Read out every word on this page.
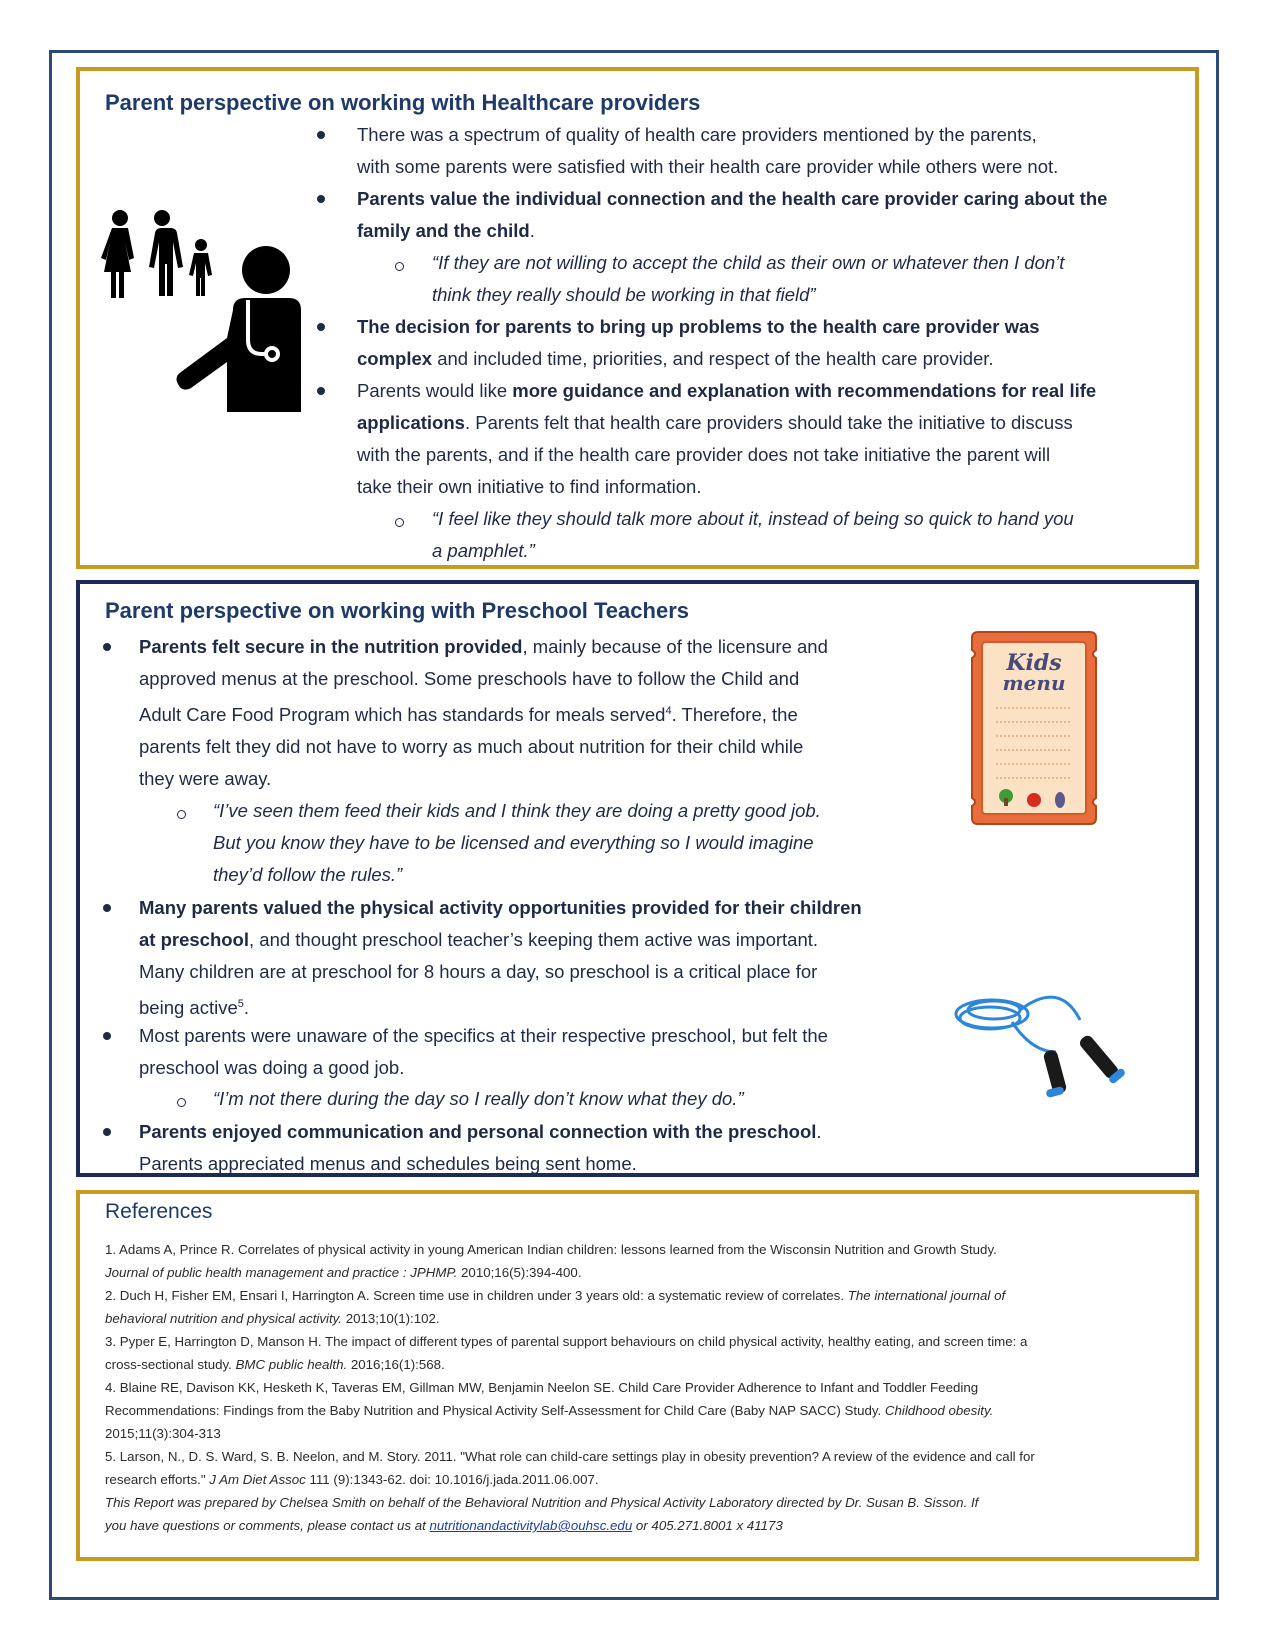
Parent perspective on working with Healthcare providers
There was a spectrum of quality of health care providers mentioned by the parents,
with some parents were satisfied with their health care provider while others were not.
Parents value the individual connection and the health care provider caring about the
family and the child.
“If they are not willing to accept the child as their own or whatever then I don’t
think they really should be working in that field”
The decision for parents to bring up problems to the health care provider was
complex and included time, priorities, and respect of the health care provider.
Parents would like more guidance and explanation with recommendations for real life
applications. Parents felt that health care providers should take the initiative to discuss
with the parents, and if the health care provider does not take initiative the parent will
take their own initiative to find information.
“I feel like they should talk more about it, instead of being so quick to hand you
a pamphlet.”
Parent perspective on working with Preschool Teachers
Kids
menu
Parents felt secure in the nutrition provided, mainly because of the licensure and
approved menus at the preschool. Some preschools have to follow the Child and
Adult Care Food Program which has standards for meals served$^4$. Therefore, the
parents felt they did not have to worry as much about nutrition for their child while
they were away.
“I’ve seen them feed their kids and I think they are doing a pretty good job.
But you know they have to be licensed and everything so I would imagine
they’d follow the rules.”
Many parents valued the physical activity opportunities provided for their children
at preschool, and thought preschool teacher’s keeping them active was important.
Many children are at preschool for 8 hours a day, so preschool is a critical place for
being active$^5$.
Most parents were unaware of the specifics at their respective preschool, but felt the
preschool was doing a good job.
“I’m not there during the day so I really don’t know what they do.”
Parents enjoyed communication and personal connection with the preschool.
Parents appreciated menus and schedules being sent home.
References
1. Adams A, Prince R. Correlates of physical activity in young American Indian children: lessons learned from the Wisconsin Nutrition and Growth Study.
Journal of public health management and practice : JPHMP. 2010;16(5):394-400.
2. Duch H, Fisher EM, Ensari I, Harrington A. Screen time use in children under 3 years old: a systematic review of correlates. The international journal of
behavioral nutrition and physical activity. 2013;10(1):102.
3. Pyper E, Harrington D, Manson H. The impact of different types of parental support behaviours on child physical activity, healthy eating, and screen time: a
cross-sectional study. BMC public health. 2016;16(1):568.
4. Blaine RE, Davison KK, Hesketh K, Taveras EM, Gillman MW, Benjamin Neelon SE. Child Care Provider Adherence to Infant and Toddler Feeding
Recommendations: Findings from the Baby Nutrition and Physical Activity Self-Assessment for Child Care (Baby NAP SACC) Study. Childhood obesity.
2015;11(3):304-313
5. Larson, N., D. S. Ward, S. B. Neelon, and M. Story. 2011. "What role can child-care settings play in obesity prevention? A review of the evidence and call for
research efforts." J Am Diet Assoc 111 (9):1343-62. doi: 10.1016/j.jada.2011.06.007.
This Report was prepared by Chelsea Smith on behalf of the Behavioral Nutrition and Physical Activity Laboratory directed by Dr. Susan B. Sisson. If
you have questions or comments, please contact us at nutritionandactivitylab@ouhsc.edu or 405.271.8001 x 41173
